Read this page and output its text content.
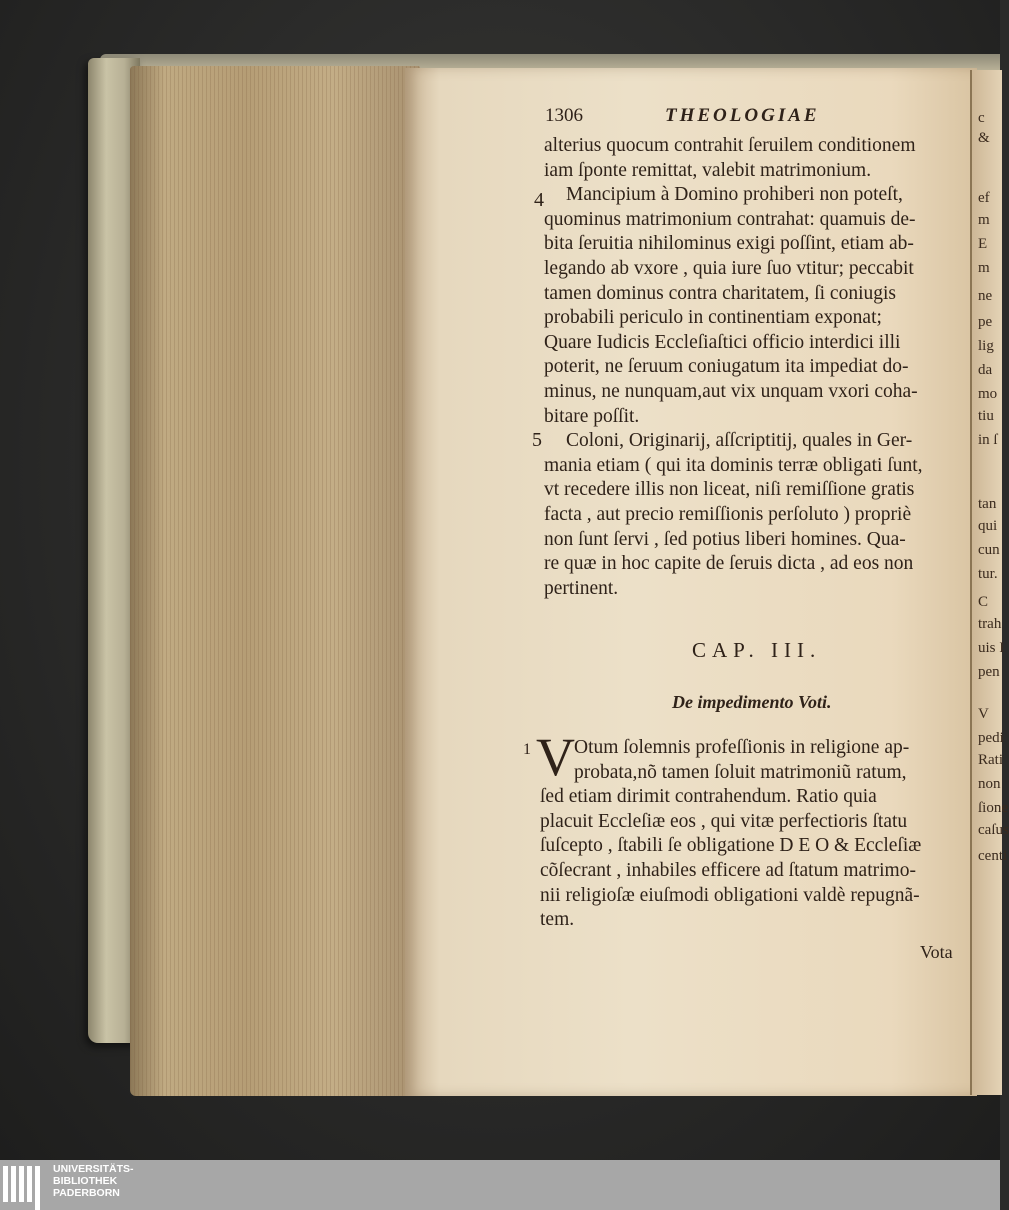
c
&
ef
m
E
m
ne
pe
lig
da
mo
tiu
in ſ
tan
qui
cun
tur.
C
trah
uis I
pen
V
pedi
Rati
non
ſione
caſus
centi
1306	THEOLOGIAE
alterius quocum contrahit ſeruilem conditionem
iam ſponte remittat, valebit matrimonium.
Mancipium à Domino prohiberi non poteſt,
quominus matrimonium contrahat: quamuis de-
bita ſeruitia nihilominus exigi poſſint, etiam ab-
legando ab vxore , quia iure ſuo vtitur; peccabit
tamen dominus contra charitatem, ſi coniugis
probabili periculo in continentiam exponat;
Quare Iudicis Eccleſiaſtici officio interdici illi
poterit, ne ſeruum coniugatum ita impediat do-
minus, ne nunquam,aut vix unquam vxori coha-
bitare poſſit.
Coloni, Originarij, aſſcriptitij, quales in Ger-
mania etiam ( qui ita dominis terræ obligati ſunt,
vt recedere illis non liceat, niſi remiſſione gratis
facta , aut precio remiſſionis perſoluto ) propriè
non ſunt ſervi , ſed potius liberi homines. Qua-
re quæ in hoc capite de ſeruis dicta , ad eos non
pertinent.
4
5
CAP. III.
De impedimento Voti.
1 V Otum ſolemnis profeſſionis in religione ap-
probata,nõ tamen ſoluit matrimoniũ ratum,
ſed etiam dirimit contrahendum. Ratio quia
placuit Eccleſiæ eos , qui vitæ perfectioris ſtatu
ſuſcepto , ſtabili ſe obligatione D E O & Eccleſiæ
cõſecrant , inhabiles efficere ad ſtatum matrimo-
nii religioſæ eiuſmodi obligationi valdè repugnã-
tem.
Vota
UNIVERSITÄTS-
BIBLIOTHEK
PADERBORN
